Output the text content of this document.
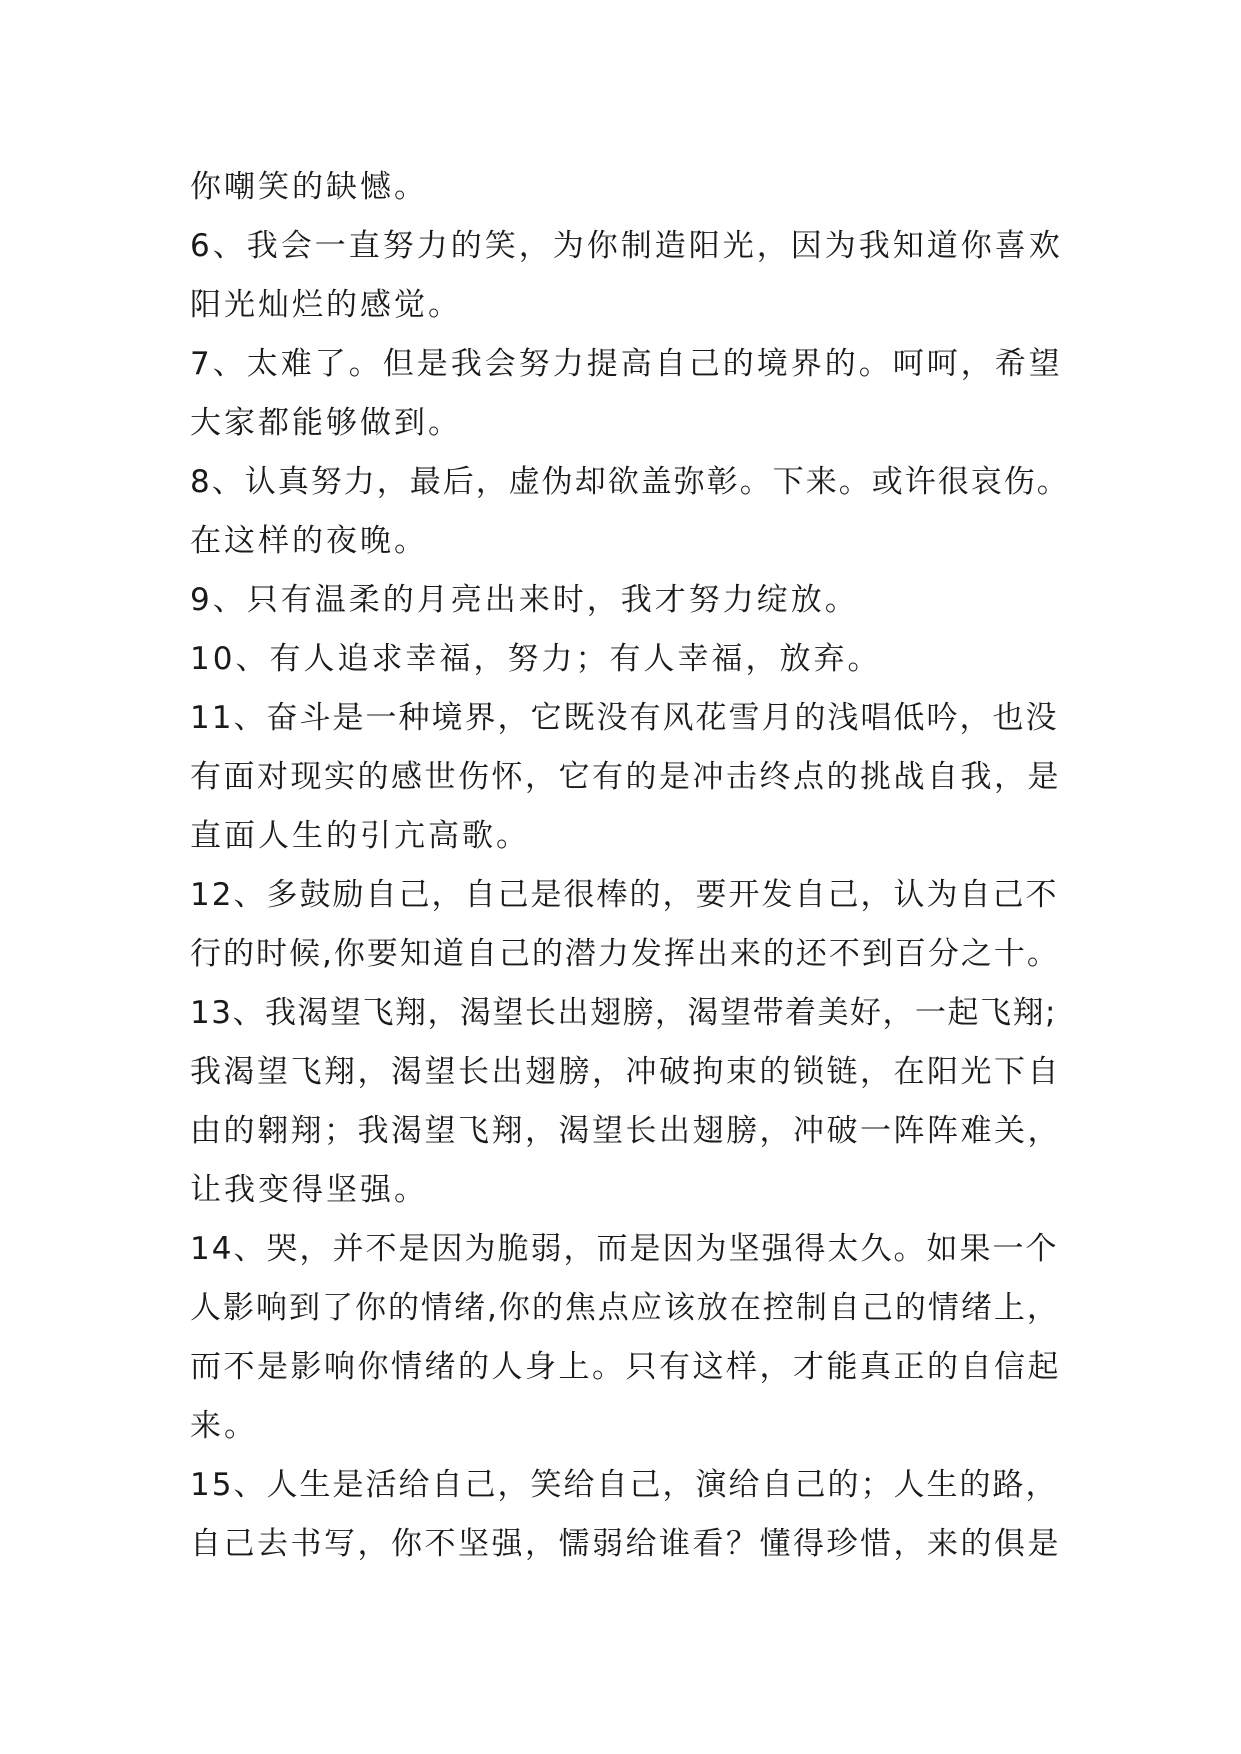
你嘲笑的缺憾。
6、我会一直努力的笑，为你制造阳光，因为我知道你喜欢
阳光灿烂的感觉。
7、太难了。但是我会努力提高自己的境界的。呵呵，希望
大家都能够做到。
8、认真努力，最后，虚伪却欲盖弥彰。下来。或许很哀伤。
在这样的夜晚。
9、只有温柔的月亮出来时，我才努力绽放。
10、有人追求幸福，努力；有人幸福，放弃。
11、奋斗是一种境界，它既没有风花雪月的浅唱低吟，也没
有面对现实的感世伤怀，它有的是冲击终点的挑战自我，是
直面人生的引亢高歌。
12、多鼓励自己，自己是很棒的，要开发自己，认为自己不
行的时候,你要知道自己的潜力发挥出来的还不到百分之十。
13、我渴望飞翔，渴望长出翅膀，渴望带着美好，一起飞翔;
我渴望飞翔，渴望长出翅膀，冲破拘束的锁链，在阳光下自
由的翱翔；我渴望飞翔，渴望长出翅膀，冲破一阵阵难关，
让我变得坚强。
14、哭，并不是因为脆弱，而是因为坚强得太久。如果一个
人影响到了你的情绪,你的焦点应该放在控制自己的情绪上，
而不是影响你情绪的人身上。只有这样，才能真正的自信起
来。
15、人生是活给自己，笑给自己，演给自己的；人生的路，
自己去书写，你不坚强，懦弱给谁看？懂得珍惜，来的俱是
